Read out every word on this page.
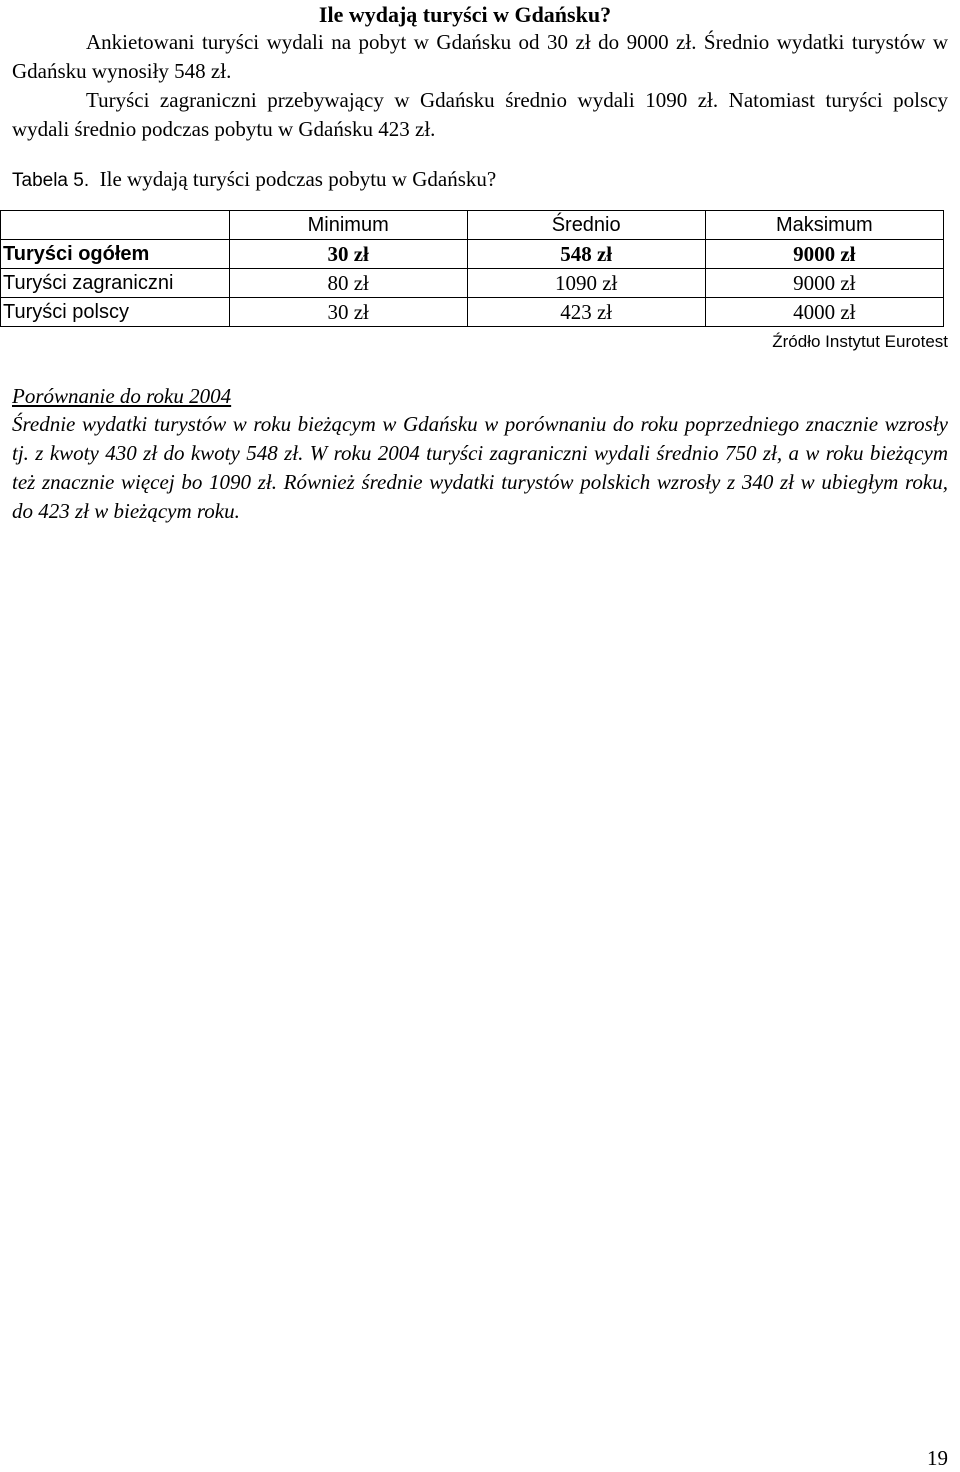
Ile wydają turyści w Gdańsku?

Ankietowani turyści wydali na pobyt w Gdańsku od 30 zł do 9000 zł. Średnio wydatki turystów w Gdańsku wynosiły 548 zł.

Turyści zagraniczni przebywający w Gdańsku średnio wydali 1090 zł. Natomiast turyści polscy wydali średnio podczas pobytu w Gdańsku 423 zł.

Tabela 5. Ile wydają turyści podczas pobytu w Gdańsku?
	Minimum	Średnio	Maksimum
Turyści ogółem	30 zł	548 zł	9000 zł
Turyści zagraniczni	80 zł	1090 zł	9000 zł
Turyści polscy	30 zł	423 zł	4000 zł
Źródło Instytut Eurotest
Porównanie do roku 2004

Średnie wydatki turystów w roku bieżącym w Gdańsku w porównaniu do roku poprzedniego znacznie wzrosły tj. z kwoty 430 zł do kwoty 548 zł. W roku 2004 turyści zagraniczni wydali średnio 750 zł, a w roku bieżącym też znacznie więcej bo 1090 zł. Również średnie wydatki turystów polskich wzrosły z 340 zł w ubiegłym roku, do 423 zł w bieżącym roku.

19
